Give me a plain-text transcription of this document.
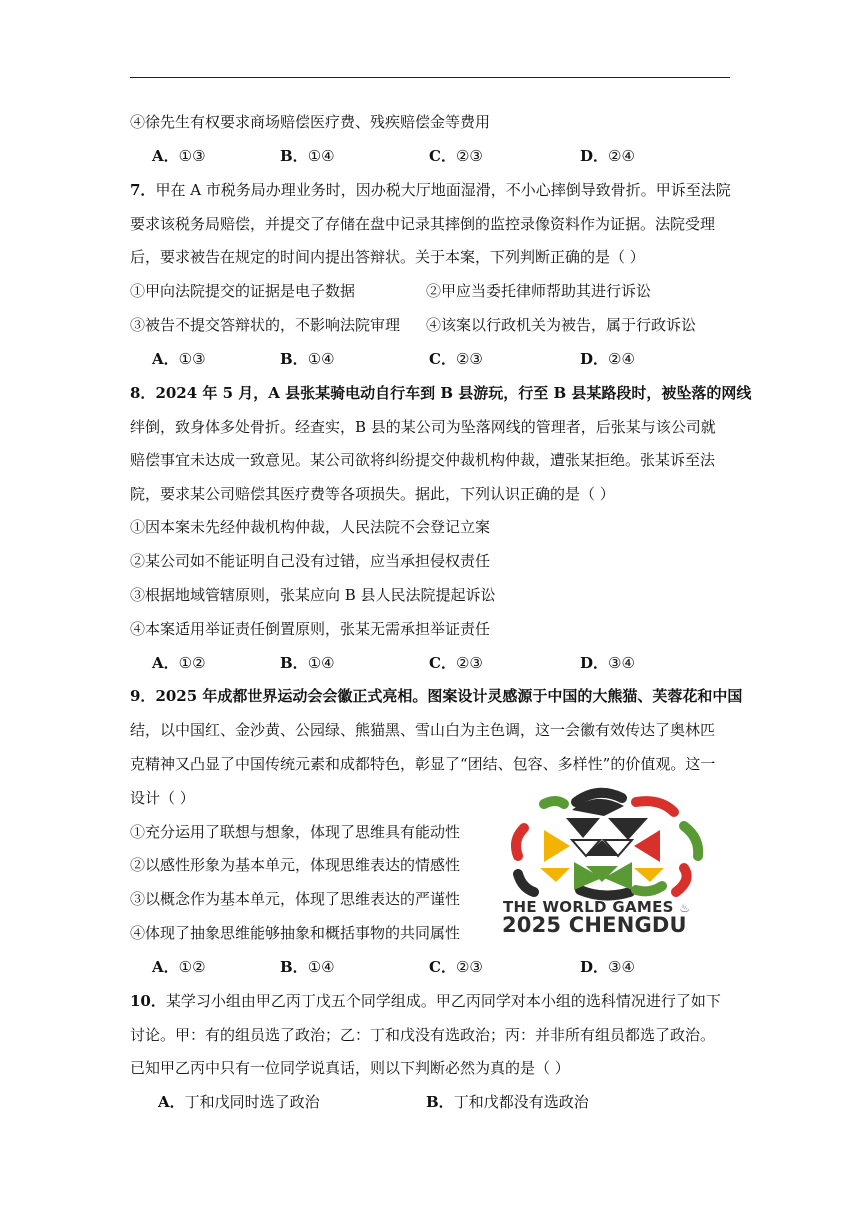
④徐先生有权要求商场赔偿医疗费、残疾赔偿金等费用
A．①③	B．①④	C．②③	D．②④
7．甲在 A 市税务局办理业务时，因办税大厅地面湿滑，不小心摔倒导致骨折。甲诉至法院
要求该税务局赔偿，并提交了存储在盘中记录其摔倒的监控录像资料作为证据。法院受理
后，要求被告在规定的时间内提出答辩状。关于本案，下列判断正确的是（ ）
①甲向法院提交的证据是电子数据	②甲应当委托律师帮助其进行诉讼
③被告不提交答辩状的，不影响法院审理 ④该案以行政机关为被告，属于行政诉讼
A．①③	B．①④	C．②③	D．②④
8．2024 年 5 月，A 县张某骑电动自行车到 B 县游玩，行至 B 县某路段时，被坠落的网线
绊倒，致身体多处骨折。经查实，B 县的某公司为坠落网线的管理者，后张某与该公司就
赔偿事宜未达成一致意见。某公司欲将纠纷提交仲裁机构仲裁，遭张某拒绝。张某诉至法
院，要求某公司赔偿其医疗费等各项损失。据此，下列认识正确的是（ ）
①因本案未先经仲裁机构仲裁，人民法院不会登记立案
②某公司如不能证明自己没有过错，应当承担侵权责任
③根据地域管辖原则，张某应向 B 县人民法院提起诉讼
④本案适用举证责任倒置原则，张某无需承担举证责任
A．①②	B．①④	C．②③	D．③④
9．2025 年成都世界运动会会徽正式亮相。图案设计灵感源于中国的大熊猫、芙蓉花和中国
结，以中国红、金沙黄、公园绿、熊猫黑、雪山白为主色调，这一会徽有效传达了奥林匹
克精神又凸显了中国传统元素和成都特色，彰显了“团结、包容、多样性”的价值观。这一
设计（ ）
①充分运用了联想与想象，体现了思维具有能动性
②以感性形象为基本单元，体现思维表达的情感性
③以概念作为基本单元，体现了思维表达的严谨性
④体现了抽象思维能够抽象和概括事物的共同属性
THE WORLD GAMES ♨
2025 CHENGDU
A．①②	B．①④	C．②③	D．③④
10．某学习小组由甲乙丙丁戊五个同学组成。甲乙丙同学对本小组的选科情况进行了如下
讨论。甲：有的组员选了政治；乙：丁和戊没有选政治；丙：并非所有组员都选了政治。
已知甲乙丙中只有一位同学说真话，则以下判断必然为真的是（ ）
A．丁和戊同时选了政治	B．丁和戊都没有选政治
